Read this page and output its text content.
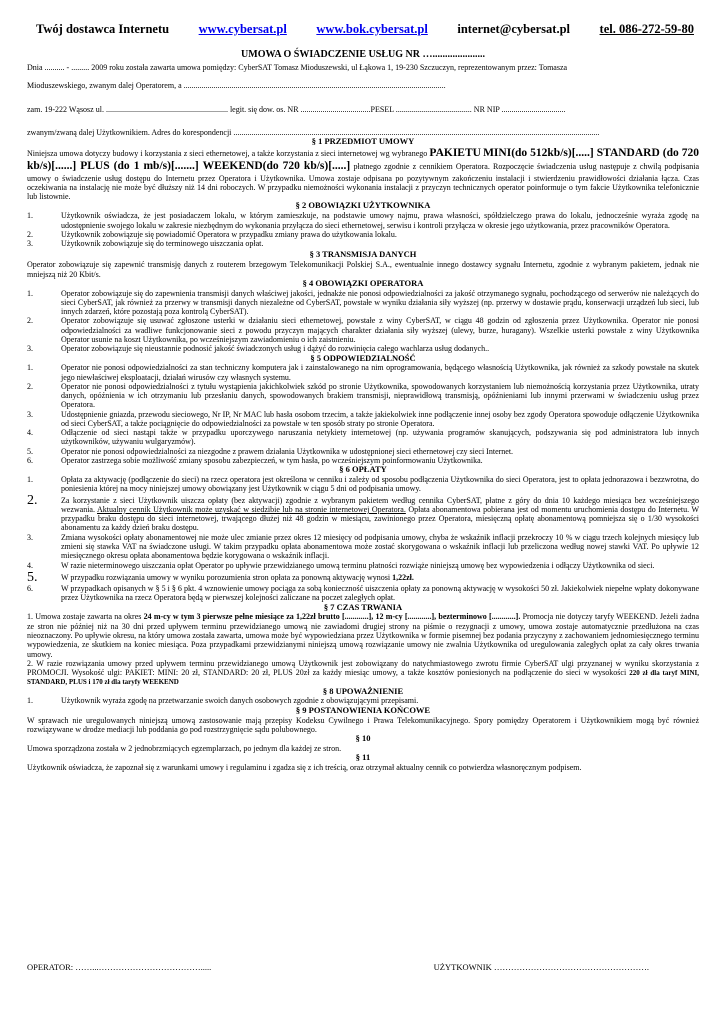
Twój dostawca Internetu www.cybersat.pl www.bok.cybersat.pl internet@cybersat.pl tel. 086-272-59-80
UMOWA O ŚWIADCZENIE USŁUG NR ….....................

Dnia .......... - ......... 2009 roku została zawarta umowa pomiędzy: CyberSAT Tomasz Mioduszewski, ul Łąkowa 1, 19-230 Szczuczyn, reprezentowanym przez: Tomasza

Mioduszewskiego, zwanym dalej Operatorem, a ...................................................................................................................................

zam. 19-222 Wąsosz ul. ............................................................. legit. się dow. os. NR ...................................PESEL ...................................... NR NIP ................................

zwanym/zwaną dalej Użytkownikiem. Adres do korespondencji .......................................................................................................................................................................................

§ 1 PRZEDMIOT UMOWY

Niniejsza umowa dotyczy budowy i korzystania z sieci ethernetowej, a także korzystania z sieci internetowej wg wybranego PAKIETU MINI(do 512kb/s)[.....] STANDARD (do 720 kb/s)[......] PLUS (do 1 mb/s)[.......] WEEKEND(do 720 kb/s)[.....] płatnego zgodnie z cennikiem Operatora. Rozpoczęcie świadczenia usług następuje z chwilą podpisania umowy o świadczenie usług dostępu do Internetu przez Operatora i Użytkownika. Umowa zostaje odpisana po pozytywnym zakończeniu instalacji i stwierdzeniu prawidłowości działania łącza. Czas oczekiwania na instalację nie może być dłuższy niż 14 dni roboczych. W przypadku niemożności wykonania instalacji z przyczyn technicznych operator poinformuje o tym fakcie Użytkownika telefonicznie lub listownie.

§ 2 OBOWIĄZKI UŻYTKOWNIKA
1.	Użytkownik oświadcza, że jest posiadaczem lokalu, w którym zamieszkuje, na podstawie umowy najmu, prawa własności, spółdzielczego prawa do lokalu, jednocześnie wyraża zgodę na udostępnienie swojego lokalu w zakresie niezbędnym do wykonania przyłącza do sieci ethernetowej, serwisu i kontroli przyłącza w okresie jego użytkowania, przez pracowników Operatora.
2.	Użytkownik zobowiązuje się powiadomić Operatora w przypadku zmiany prawa do użytkowania lokalu.
3.	Użytkownik zobowiązuje się do terminowego uiszczania opłat.
§ 3 TRANSMISJA DANYCH

Operator zobowiązuje się zapewnić transmisję danych z routerem brzegowym Telekomunikacji Polskiej S.A., ewentualnie innego dostawcy sygnału Internetu, zgodnie z wybranym pakietem, jednak nie mniejszą niż 20 Kbit/s.

§ 4 OBOWIĄZKI OPERATORA
1.	Operator zobowiązuje się do zapewnienia transmisji danych właściwej jakości, jednakże nie ponosi odpowiedzialności za jakość otrzymanego sygnału, pochodzącego od serwerów nie należących do sieci CyberSAT, jak również za przerwy w transmisji danych niezależne od CyberSAT, powstałe w wyniku działania siły wyższej (np. przerwy w dostawie prądu, konserwacji urządzeń lub sieci, lub innych zdarzeń, które pozostają poza kontrolą CyberSAT).
2.	Operator zobowiązuje się usuwać zgłoszone usterki w działaniu sieci ethernetowej, powstałe z winy CyberSAT, w ciągu 48 godzin od zgłoszenia przez Użytkownika. Operator nie ponosi odpowiedzialności za wadliwe funkcjonowanie sieci z powodu przyczyn mających charakter działania siły wyższej (ulewy, burze, huragany). Wszelkie usterki powstałe z winy Użytkownika Operator usunie na koszt Użytkownika, po wcześniejszym zawiadomieniu o ich zaistnieniu.
3.	Operator zobowiązuje się nieustannie podnosić jakość świadczonych usług i dążyć do rozwinięcia całego wachlarza usług dodanych..
§ 5 ODPOWIEDZIALNOŚĆ
1.	Operator nie ponosi odpowiedzialności za stan techniczny komputera jak i zainstalowanego na nim oprogramowania, będącego własnością Użytkownika, jak również za szkody powstałe na skutek jego niewłaściwej eksploatacji, działań wirusów czy własnych systemu.
2.	Operator nie ponosi odpowiedzialności z tytułu wystąpienia jakichkolwiek szkód po stronie Użytkownika, spowodowanych korzystaniem lub niemożnością korzystania przez Użytkownika, utraty danych, opóźnienia w ich otrzymaniu lub przesłaniu danych, spowodowanych brakiem transmisji, nieprawidłową transmisją, opóźnieniami lub innymi przerwami w świadczeniu usług przez Operatora.
3.	Udostępnienie gniazda, przewodu sieciowego, Nr IP, Nr MAC lub hasła osobom trzecim, a także jakiekolwiek inne podłączenie innej osoby bez zgody Operatora spowoduje odłączenie Użytkownika od sieci CyberSAT, a także pociągnięcie do odpowiedzialności za powstałe w ten sposób straty po stronie Operatora.
4.	Odłączenie od sieci nastąpi także w przypadku uporczywego naruszania netykiety internetowej (np. używania programów skanujących, podszywania się pod administratora lub innych użytkowników, używaniu wulgaryzmów).
5.	Operator nie ponosi odpowiedzialności za niezgodne z prawem działania Użytkownika w udostępnionej sieci ethernetowej czy sieci Internet.
6.	Operator zastrzega sobie możliwość zmiany sposobu zabezpieczeń, w tym hasła, po wcześniejszym poinformowaniu Użytkownika.
§ 6 OPŁATY
1.	Opłata za aktywację (podłączenie do sieci) na rzecz operatora jest określona w cenniku i zależy od sposobu podłączenia Użytkownika do sieci Operatora, jest to opłata jednorazowa i bezzwrotna, do poniesienia której na mocy niniejszej umowy obowiązany jest Użytkownik w ciągu 5 dni od podpisania umowy.
2.	Za korzystanie z sieci Użytkownik uiszcza opłaty (bez aktywacji) zgodnie z wybranym pakietem według cennika CyberSAT, płatne z góry do dnia 10 każdego miesiąca bez wcześniejszego wezwania. Aktualny cennik Użytkownik może uzyskać w siedzibie lub na stronie internetowej Operatora. Opłata abonamentowa pobierana jest od momentu uruchomienia dostępu do Internetu. W przypadku braku dostępu do sieci internetowej, trwającego dłużej niż 48 godzin w miesiącu, zawinionego przez Operatora, miesięczną opłatę abonamentową pomniejsza się o 1/30 wysokości abonamentu za każdy dzień braku dostępu.
3.	Zmiana wysokości opłaty abonamentowej nie może ulec zmianie przez okres 12 miesięcy od podpisania umowy, chyba że wskaźnik inflacji przekroczy 10 % w ciągu trzech kolejnych miesięcy lub zmieni się stawka VAT na świadczone usługi. W takim przypadku opłata abonamentowa może zostać skorygowana o wskaźnik inflacji lub przeliczona według nowej stawki VAT. Po upływie 12 miesięcznego okresu opłata abonamentowa będzie korygowana o wskaźnik inflacji.
4.	W razie nieterminowego uiszczania opłat Operator po upływie przewidzianego umową terminu płatności rozwiąże niniejszą umowę bez wypowiedzenia i odłączy Użytkownika od sieci.
5.	W przypadku rozwiązania umowy w wyniku porozumienia stron opłata za ponowną aktywację wynosi 1,22zł.
6.	W przypadkach opisanych w § 5 i § 6 pkt. 4 wznowienie umowy pociąga za sobą konieczność uiszczenia opłaty za ponowną aktywację w wysokości 50 zł. Jakiekolwiek niepełne wpłaty dokonywane przez Użytkownika na rzecz Operatora będą w pierwszej kolejności zaliczane na poczet zaległych opłat.
§ 7 CZAS TRWANIA

1. Umowa zostaje zawarta na okres 24 m-cy w tym 3 pierwsze pełne miesiące za 1,22zł brutto [............], 12 m-cy [............], bezterminowo [............]. Promocja nie dotyczy taryfy WEEKEND. Jeżeli żadna ze stron nie później niż na 30 dni przed upływem terminu przewidzianego umową nie zawiadomi drugiej strony na piśmie o rezygnacji z umowy, umowa zostaje automatycznie przedłużona na czas nieoznaczony. Po upływie okresu, na który umowa została zawarta, umowa może być wypowiedziana przez Użytkownika w formie pisemnej bez podania przyczyny z zachowaniem jednomiesięcznego terminu wypowiedzenia, ze skutkiem na koniec miesiąca. Poza przypadkami przewidzianymi niniejszą umową rozwiązanie umowy nie zwalnia Użytkownika od uregulowania zaległych opłat za cały okres trwania umowy.

2. W razie rozwiązania umowy przed upływem terminu przewidzianego umową Użytkownik jest zobowiązany do natychmiastowego zwrotu firmie CyberSAT ulgi przyznanej w wyniku skorzystania z PROMOCJI. Wysokość ulgi: PAKIET: MINI: 20 zł, STANDARD: 20 zł, PLUS 20zł za każdy miesiąc umowy, a także kosztów poniesionych na podłączenie do sieci w wysokości 220 zł dla taryf MINI, STANDARD, PLUS i 170 zł dla taryfy WEEKEND

§ 8 UPOWAŻNIENIE
1.	Użytkownik wyraża zgodę na przetwarzanie swoich danych osobowych zgodnie z obowiązującymi przepisami.
§ 9 POSTANOWIENIA KOŃCOWE

W sprawach nie uregulowanych niniejszą umową zastosowanie mają przepisy Kodeksu Cywilnego i Prawa Telekomunikacyjnego. Spory pomiędzy Operatorem i Użytkownikiem mogą być również rozwiązywane w drodze mediacji lub poddania go pod rozstrzygnięcie sądu polubownego.

§ 10

Umowa sporządzona została w 2 jednobrzmiących egzemplarzach, po jednym dla każdej ze stron.

§ 11

Użytkownik oświadcza, że zapoznał się z warunkami umowy i regulaminu i zgadza się z ich treścią, oraz otrzymał aktualny cennik co potwierdza własnoręcznym podpisem.

OPERATOR: ……...……………………………….....	UŻYTKOWNIK ……………………………………………….
